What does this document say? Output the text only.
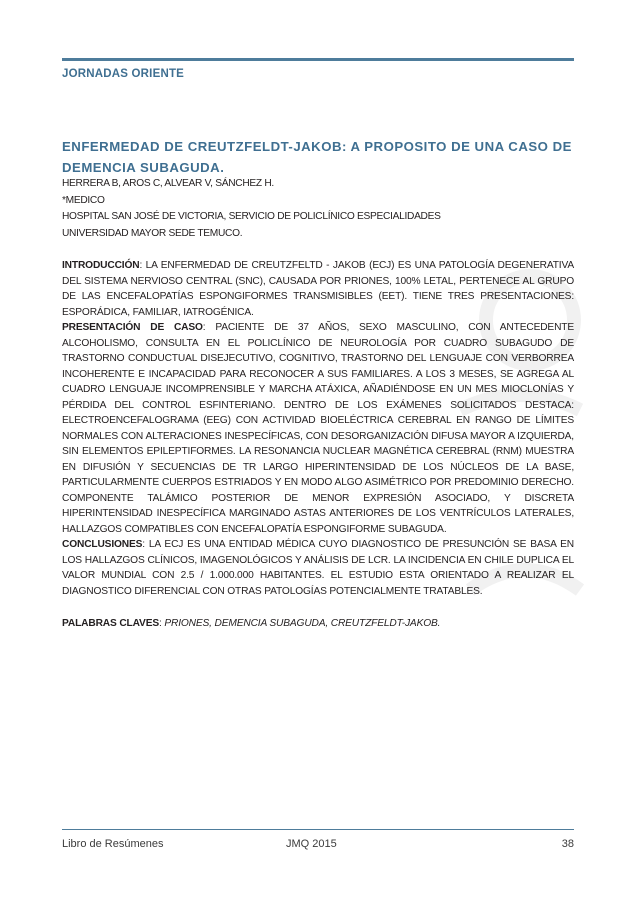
JORNADAS ORIENTE
ENFERMEDAD DE CREUTZFELDT-JAKOB: A PROPOSITO DE UNA CASO DE DEMENCIA SUBAGUDA.
HERRERA B, AROS C, ALVEAR V, SÁNCHEZ H.
*MEDICO
HOSPITAL SAN JOSÉ DE VICTORIA, SERVICIO DE POLICLÍNICO ESPECIALIDADES
UNIVERSIDAD MAYOR SEDE TEMUCO.

INTRODUCCIÓN: LA ENFERMEDAD DE CREUTZFELTD - JAKOB (ECJ) ES UNA PATOLOGÍA DEGENERATIVA DEL SISTEMA NERVIOSO CENTRAL (SNC), CAUSADA POR PRIONES, 100% LETAL, PERTENECE AL GRUPO DE LAS ENCEFALOPATÍAS ESPONGIFORMES TRANSMISIBLES (EET). TIENE TRES PRESENTACIONES: ESPORÁDICA, FAMILIAR, IATROGÉNICA.

PRESENTACIÓN DE CASO: PACIENTE DE 37 AÑOS, SEXO MASCULINO, CON ANTECEDENTE ALCOHOLISMO, CONSULTA EN EL POLICLÍNICO DE NEUROLOGÍA POR CUADRO SUBAGUDO DE TRASTORNO CONDUCTUAL DISEJECUTIVO, COGNITIVO, TRASTORNO DEL LENGUAJE CON VERBORREA INCOHERENTE E INCAPACIDAD PARA RECONOCER A SUS FAMILIARES. A LOS 3 MESES, SE AGREGA AL CUADRO LENGUAJE INCOMPRENSIBLE Y MARCHA ATÁXICA, AÑADIÉNDOSE EN UN MES MIOCLONÍAS Y PÉRDIDA DEL CONTROL ESFINTERIANO. DENTRO DE LOS EXÁMENES SOLICITADOS DESTACA: ELECTROENCEFALOGRAMA (EEG) CON ACTIVIDAD BIOELÉCTRICA CEREBRAL EN RANGO DE LÍMITES NORMALES CON ALTERACIONES INESPECÍFICAS, CON DESORGANIZACIÓN DIFUSA MAYOR A IZQUIERDA, SIN ELEMENTOS EPILEPTIFORMES. LA RESONANCIA NUCLEAR MAGNÉTICA CEREBRAL (RNM) MUESTRA EN DIFUSIÓN Y SECUENCIAS DE TR LARGO HIPERINTENSIDAD DE LOS NÚCLEOS DE LA BASE, PARTICULARMENTE CUERPOS ESTRIADOS Y EN MODO ALGO ASIMÉTRICO POR PREDOMINIO DERECHO. COMPONENTE TALÁMICO POSTERIOR DE MENOR EXPRESIÓN ASOCIADO, Y DISCRETA HIPERINTENSIDAD INESPECÍFICA MARGINADO ASTAS ANTERIORES DE LOS VENTRÍCULOS LATERALES, HALLAZGOS COMPATIBLES CON ENCEFALOPATÍA ESPONGIFORME SUBAGUDA.

CONCLUSIONES: LA ECJ ES UNA ENTIDAD MÉDICA CUYO DIAGNOSTICO DE PRESUNCIÓN SE BASA EN LOS HALLAZGOS CLÍNICOS, IMAGENOLÓGICOS Y ANÁLISIS DE LCR. LA INCIDENCIA EN CHILE DUPLICA EL VALOR MUNDIAL CON 2.5 / 1.000.000 HABITANTES. EL ESTUDIO ESTA ORIENTADO A REALIZAR EL DIAGNOSTICO DIFERENCIAL CON OTRAS PATOLOGÍAS POTENCIALMENTE TRATABLES.

PALABRAS CLAVES: PRIONES, DEMENCIA SUBAGUDA, CREUTZFELDT-JAKOB.

Libro de Resúmenes	JMQ 2015	38
